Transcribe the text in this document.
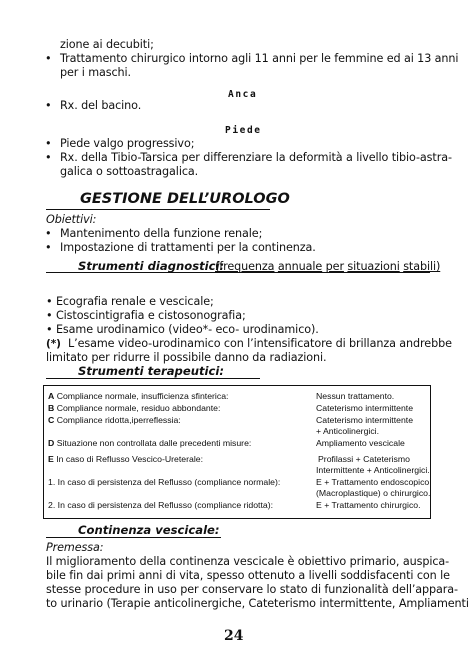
zione ai decubiti;
• Trattamento chirurgico intorno agli 11 anni per le femmine ed ai 13 anni
per i maschi.
Anca
• Rx. del bacino.
Piede
• Piede valgo progressivo;
• Rx. della Tibio-Tarsica per differenziare la deformità a livello tibio-astra-
galica o sottoastragalica.
GESTIONE DELL’UROLOGO
Obiettivi:
• Mantenimento della funzione renale;
• Impostazione di trattamenti per la continenza.
Strumenti diagnostici:
(frequenza annuale per situazioni stabili)
• Ecografia renale e vescicale;
• Cistoscintigrafia e cistosonografia;
• Esame urodinamico (video*- eco- urodinamico).
(*) L’esame video-urodinamico con l’intensificatore di brillanza andrebbe
limitato per ridurre il possibile danno da radiazioni.
Strumenti terapeutici:
A Compliance normale, insufficienza sfinterica:	Nessun trattamento.
B Compliance normale, residuo abbondante:	Cateterismo intermittente
C Compliance ridotta,iperreflessia:	Cateterismo intermittente
+ Anticolinergici.
D Situazione non controllata dalle precedenti misure:	Ampliamento vescicale
E In caso di Reflusso Vescico-Ureterale:	Profilassi + Cateterismo
Intermittente + Anticolinergici.
1. In caso di persistenza del Reflusso (compliance normale):	E + Trattamento endoscopico
(Macroplastique) o chirurgico.
2. In caso di persistenza del Reflusso (compliance ridotta):	E + Trattamento chirurgico.
Continenza vescicale:
Premessa:
Il miglioramento della continenza vescicale è obiettivo primario, auspica-
bile fin dai primi anni di vita, spesso ottenuto a livelli soddisfacenti con le
stesse procedure in uso per conservare lo stato di funzionalità dell’appara-
to urinario (Terapie anticolinergiche, Cateterismo intermittente, Ampliamenti
24
